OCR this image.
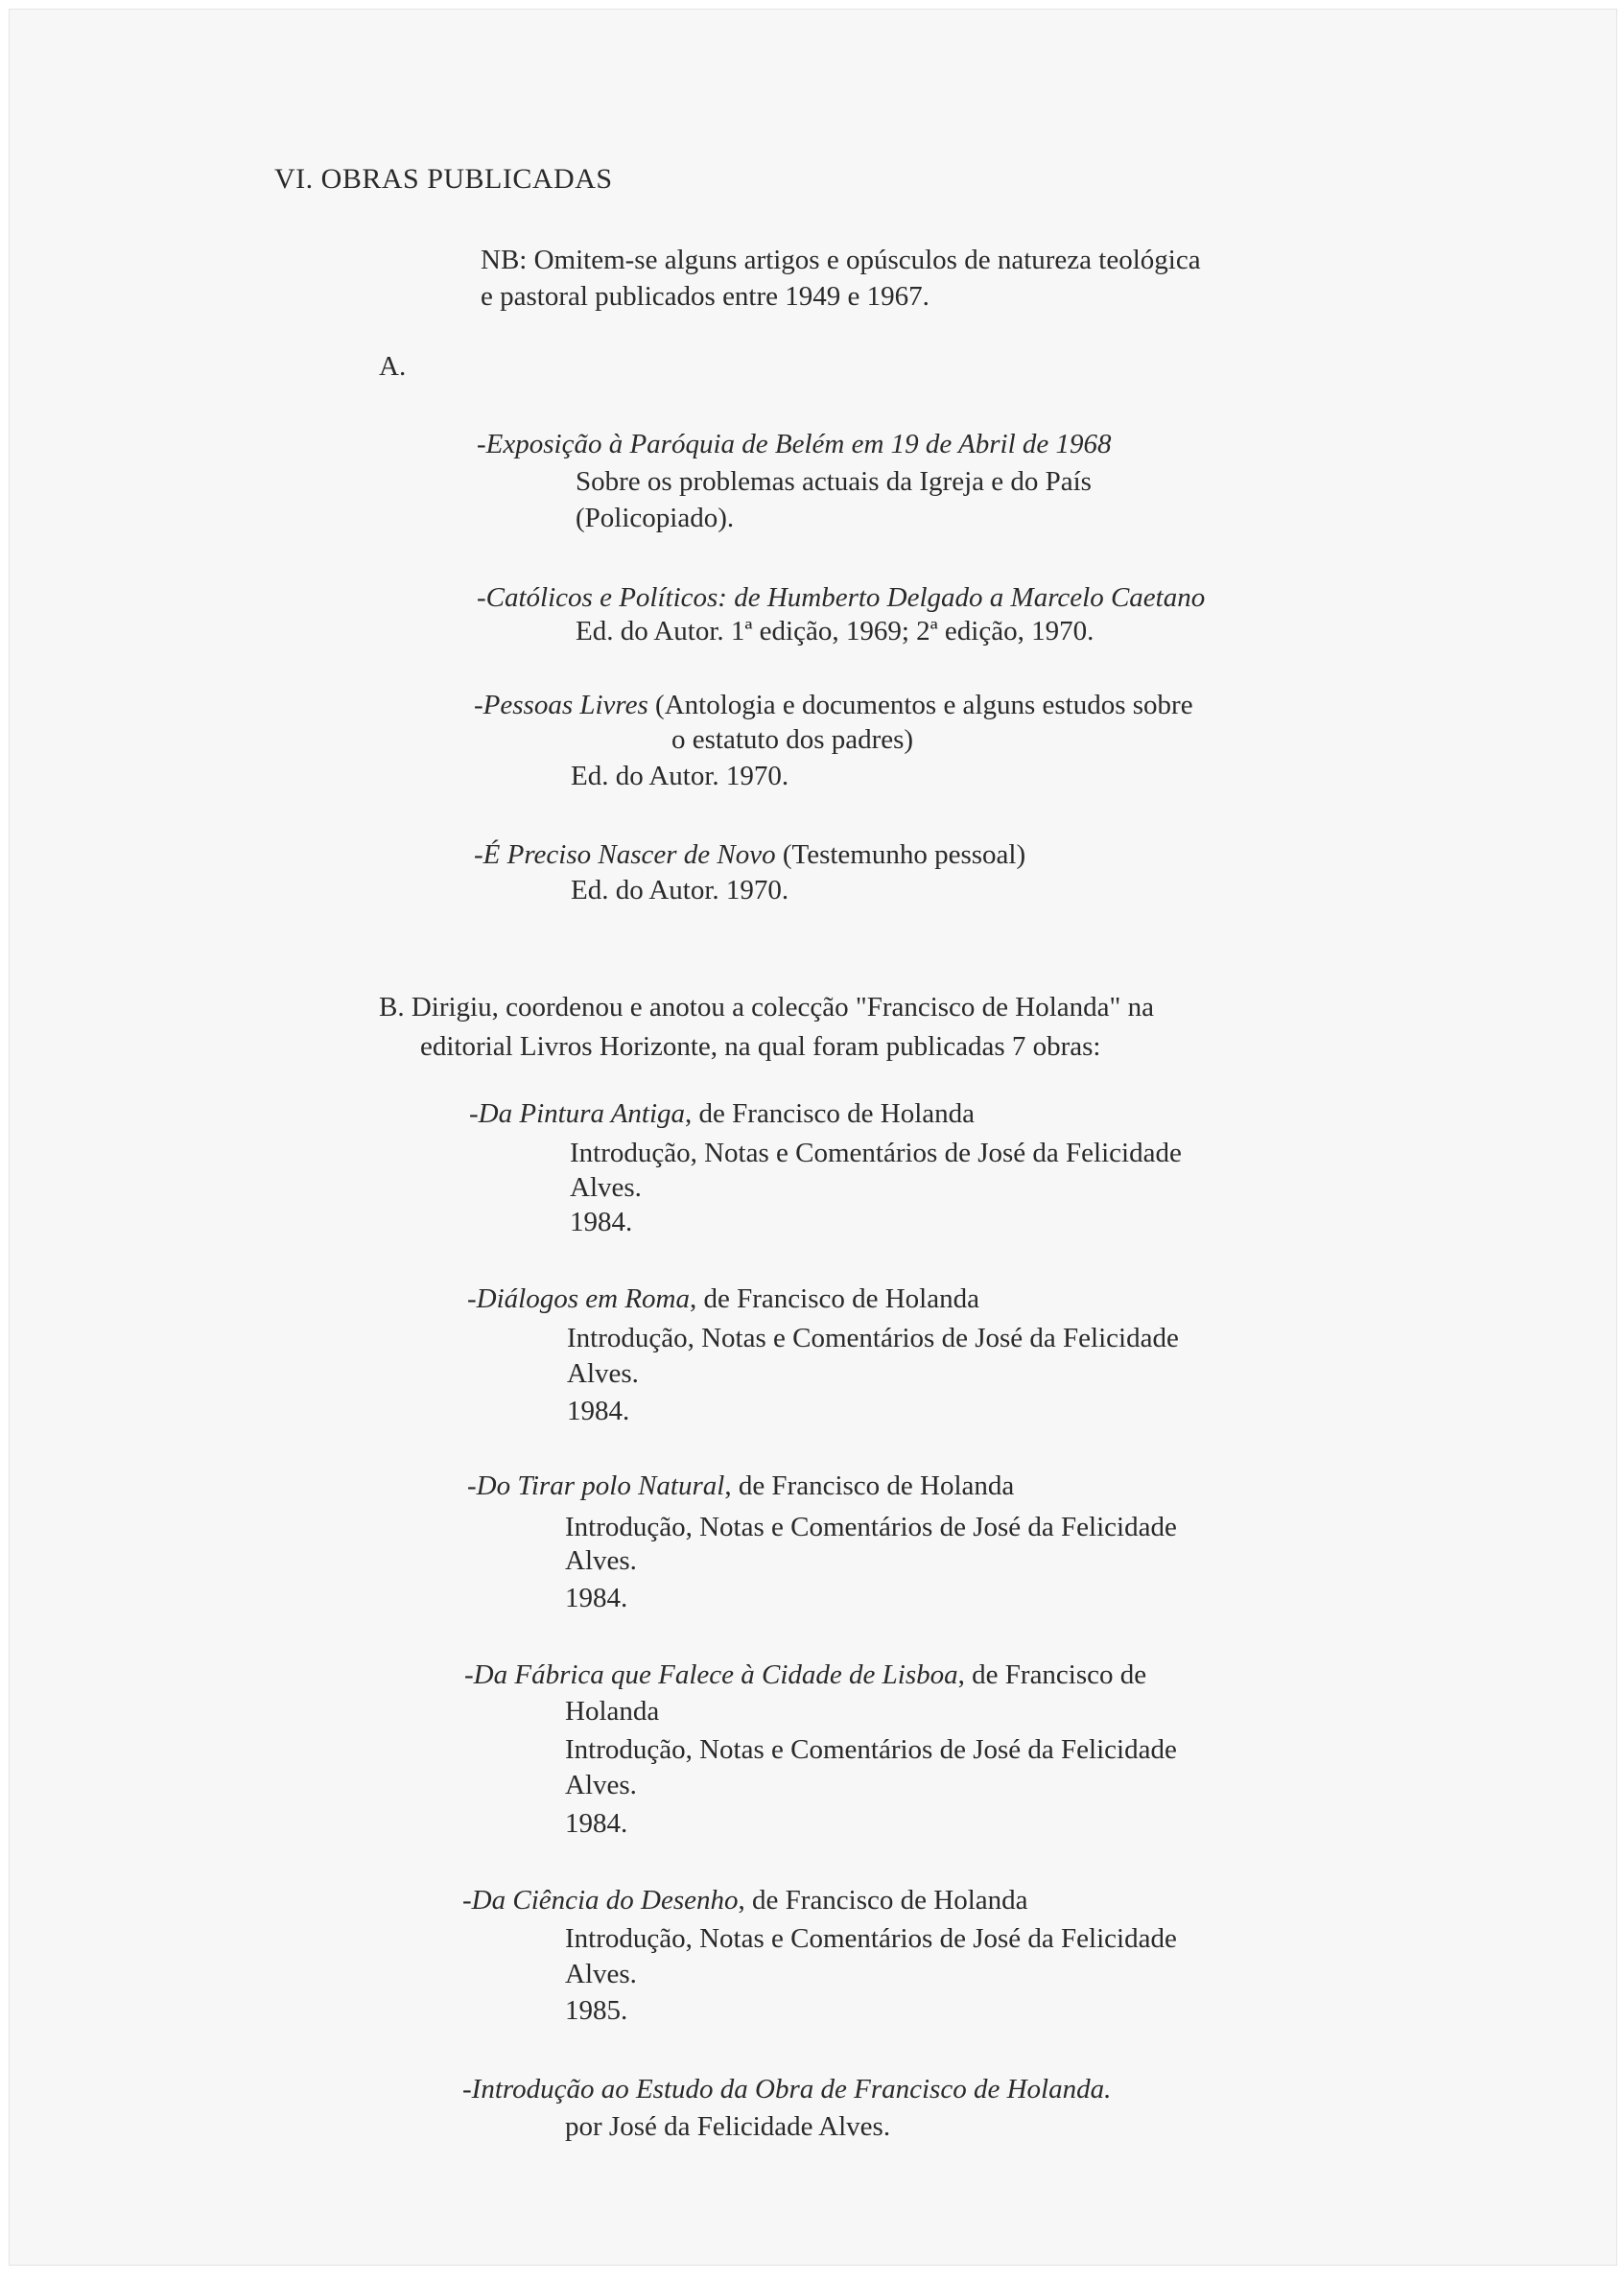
VI. OBRAS PUBLICADAS
NB: Omitem-se alguns artigos e opúsculos de natureza teológica
e pastoral publicados entre 1949 e 1967.
A.
-Exposição à Paróquia de Belém em 19 de Abril de 1968
Sobre os problemas actuais da Igreja e do País
(Policopiado).
-Católicos e Políticos: de Humberto Delgado a Marcelo Caetano
Ed. do Autor. 1ª edição, 1969; 2ª edição, 1970.
-Pessoas Livres (Antologia e documentos e alguns estudos sobre
o estatuto dos padres)
Ed. do Autor. 1970.
-É Preciso Nascer de Novo (Testemunho pessoal)
Ed. do Autor. 1970.
B. Dirigiu, coordenou e anotou a colecção "Francisco de Holanda" na
editorial Livros Horizonte, na qual foram publicadas 7 obras:
-Da Pintura Antiga, de Francisco de Holanda
Introdução, Notas e Comentários de José da Felicidade
Alves.
1984.
-Diálogos em Roma, de Francisco de Holanda
Introdução, Notas e Comentários de José da Felicidade
Alves.
1984.
-Do Tirar polo Natural, de Francisco de Holanda
Introdução, Notas e Comentários de José da Felicidade
Alves.
1984.
-Da Fábrica que Falece à Cidade de Lisboa, de Francisco de
Holanda
Introdução, Notas e Comentários de José da Felicidade
Alves.
1984.
-Da Ciência do Desenho, de Francisco de Holanda
Introdução, Notas e Comentários de José da Felicidade
Alves.
1985.
-Introdução ao Estudo da Obra de Francisco de Holanda.
por José da Felicidade Alves.
